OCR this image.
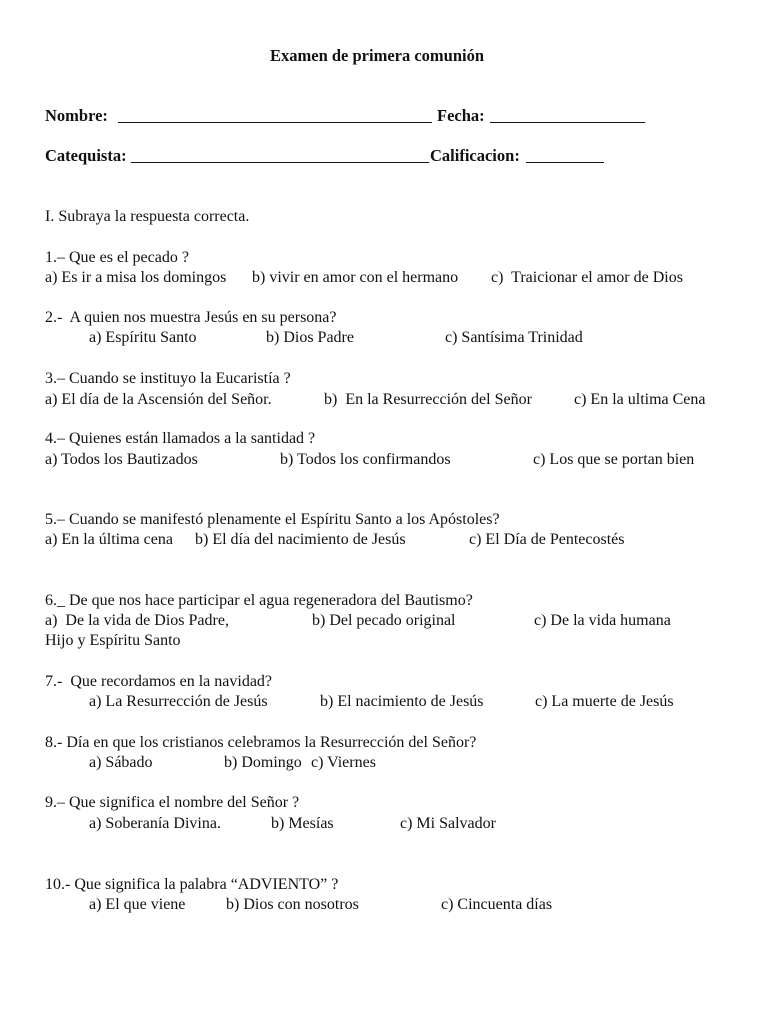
Examen de primera comunión
Nombre:	Fecha:
Catequista:	Calificacion:
I. Subraya la respuesta correcta.
1.– Que es el pecado ?
a) Es ir a misa los domingos b) vivir en amor con el hermano c)  Traicionar el amor de Dios
2.-  A quien nos muestra Jesús en su persona?
a) Espíritu Santo	b) Dios Padre	c) Santísima Trinidad
3.– Cuando se instituyo la Eucaristía ?
a) El día de la Ascensión del Señor.	b)  En la Resurrección del Señor	c) En la ultima Cena
4.– Quienes están llamados a la santidad ?
a) Todos los Bautizados	b) Todos los confirmandos	c) Los que se portan bien
5.– Cuando se manifestó plenamente el Espíritu Santo a los Apóstoles?
a) En la última cena b) El día del nacimiento de Jesús	c) El Día de Pentecostés
6._ De que nos hace participar el agua regeneradora del Bautismo?
a)  De la vida de Dios Padre,
Hijo y Espíritu Santo
b) Del pecado original	c) De la vida humana
7.-  Que recordamos en la navidad?
a) La Resurrección de Jesús	b) El nacimiento de Jesús	c) La muerte de Jesús
8.- Día en que los cristianos celebramos la Resurrección del Señor?
a) Sábado	b) Domingo c) Viernes
9.– Que significa el nombre del Señor ?
a) Soberanía Divina.	b) Mesías	c) Mi Salvador
10.- Que significa la palabra “ADVIENTO” ?
a) El que viene	b) Dios con nosotros	c) Cincuenta días
